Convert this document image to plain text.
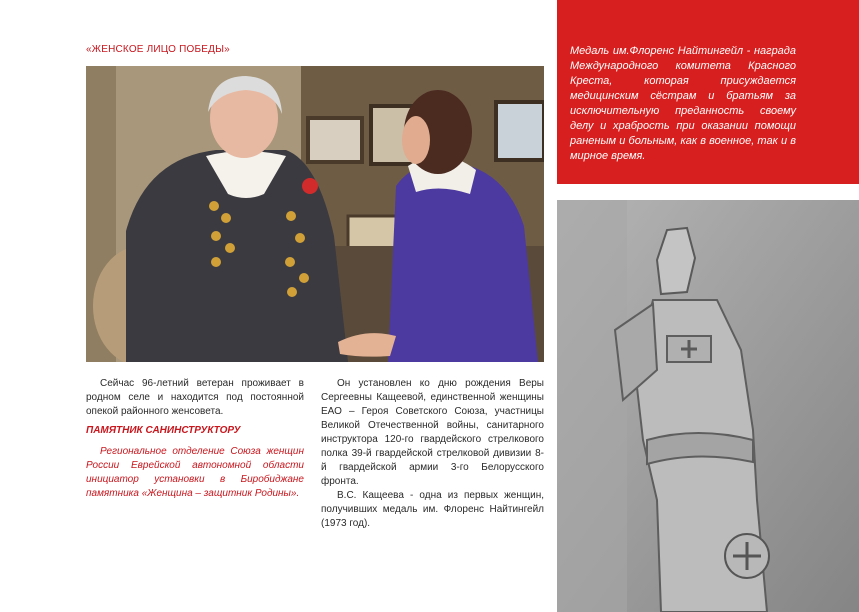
«ЖЕНСКОЕ ЛИЦО ПОБЕДЫ»

Сейчас 96-летний ветеран проживает в родном селе и находится под постоянной опекой районного женсовета.

ПАМЯТНИК САНИНСТРУКТОРУ

Региональное отделение Союза женщин России Еврейской автономной области инициатор установки в Биробиджане памятника «Женщина – защитник Родины».

Он установлен ко дню рождения Веры Сергеевны Кащеевой, единственной женщины ЕАО – Героя Советского Союза, участницы Великой Отечественной войны, санитарного инструктора 120-го гвардейского стрелкового полка 39-й гвардейской стрелковой дивизии 8-й гвардейской армии 3-го Белорусского фронта.

В.С. Кащеева - одна из первых женщин, получивших медаль им. Флоренс Найтингейл (1973 год).

Медаль им.Флоренс Найтингейл - награда Международного комитета Красного Креста, которая присуждается медицинским сёстрам и братьям за исключительную преданность своему делу и храбрость при оказании помощи раненым и больным, как в военное, так и в мирное время.
